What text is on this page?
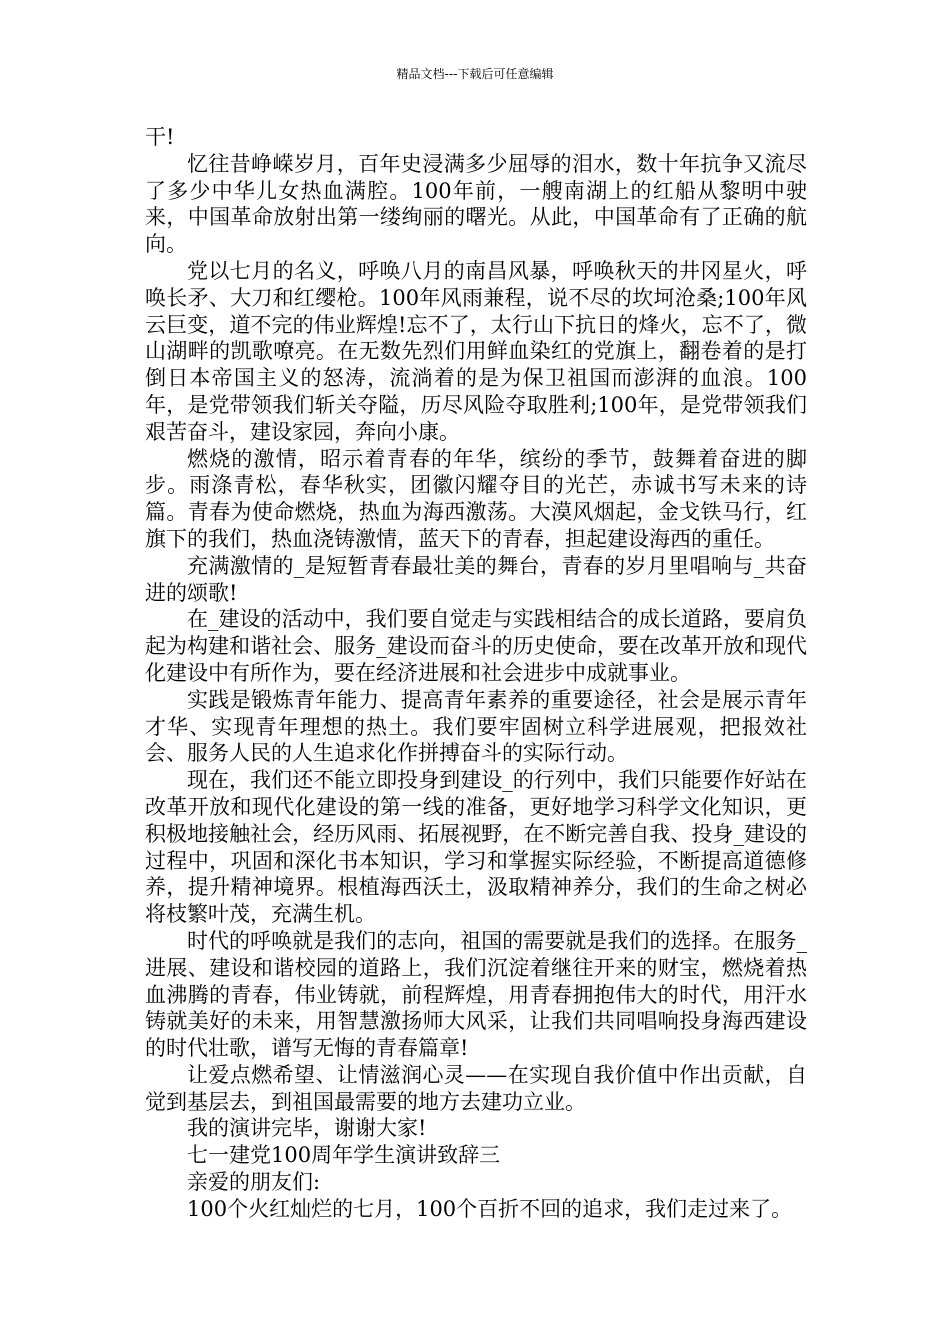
精品文档---下载后可任意编辑

干!

忆往昔峥嵘岁月，百年史浸满多少屈辱的泪水，数十年抗争又流尽了多少中华儿女热血满腔。100年前，一艘南湖上的红船从黎明中驶来，中国革命放射出第一缕绚丽的曙光。从此，中国革命有了正确的航向。

党以七月的名义，呼唤八月的南昌风暴，呼唤秋天的井冈星火，呼唤长矛、大刀和红缨枪。100年风雨兼程，说不尽的坎坷沧桑;100年风云巨变，道不完的伟业辉煌!忘不了，太行山下抗日的烽火，忘不了，微山湖畔的凯歌嘹亮。在无数先烈们用鲜血染红的党旗上，翻卷着的是打倒日本帝国主义的怒涛，流淌着的是为保卫祖国而澎湃的血浪。100年，是党带领我们斩关夺隘，历尽风险夺取胜利;100年，是党带领我们艰苦奋斗，建设家园，奔向小康。

燃烧的激情，昭示着青春的年华，缤纷的季节，鼓舞着奋进的脚步。雨涤青松，春华秋实，团徽闪耀夺目的光芒，赤诚书写未来的诗篇。青春为使命燃烧，热血为海西激荡。大漠风烟起，金戈铁马行，红旗下的我们，热血浇铸激情，蓝天下的青春，担起建设海西的重任。

充满激情的_是短暂青春最壮美的舞台，青春的岁月里唱响与_共奋进的颂歌!

在_建设的活动中，我们要自觉走与实践相结合的成长道路，要肩负起为构建和谐社会、服务_建设而奋斗的历史使命，要在改革开放和现代化建设中有所作为，要在经济进展和社会进步中成就事业。

实践是锻炼青年能力、提高青年素养的重要途径，社会是展示青年才华、实现青年理想的热土。我们要牢固树立科学进展观，把报效社会、服务人民的人生追求化作拼搏奋斗的实际行动。

现在，我们还不能立即投身到建设_的行列中，我们只能要作好站在改革开放和现代化建设的第一线的准备，更好地学习科学文化知识，更积极地接触社会，经历风雨、拓展视野，在不断完善自我、投身_建设的过程中，巩固和深化书本知识，学习和掌握实际经验，不断提高道德修养，提升精神境界。根植海西沃土，汲取精神养分，我们的生命之树必将枝繁叶茂，充满生机。

时代的呼唤就是我们的志向，祖国的需要就是我们的选择。在服务_进展、建设和谐校园的道路上，我们沉淀着继往开来的财宝，燃烧着热血沸腾的青春，伟业铸就，前程辉煌，用青春拥抱伟大的时代，用汗水铸就美好的未来，用智慧激扬师大风采，让我们共同唱响投身海西建设的时代壮歌，谱写无悔的青春篇章!

让爱点燃希望、让情滋润心灵——在实现自我价值中作出贡献，自觉到基层去，到祖国最需要的地方去建功立业。

我的演讲完毕，谢谢大家!

七一建党100周年学生演讲致辞三

亲爱的朋友们:

100个火红灿烂的七月，100个百折不回的追求，我们走过来了。
